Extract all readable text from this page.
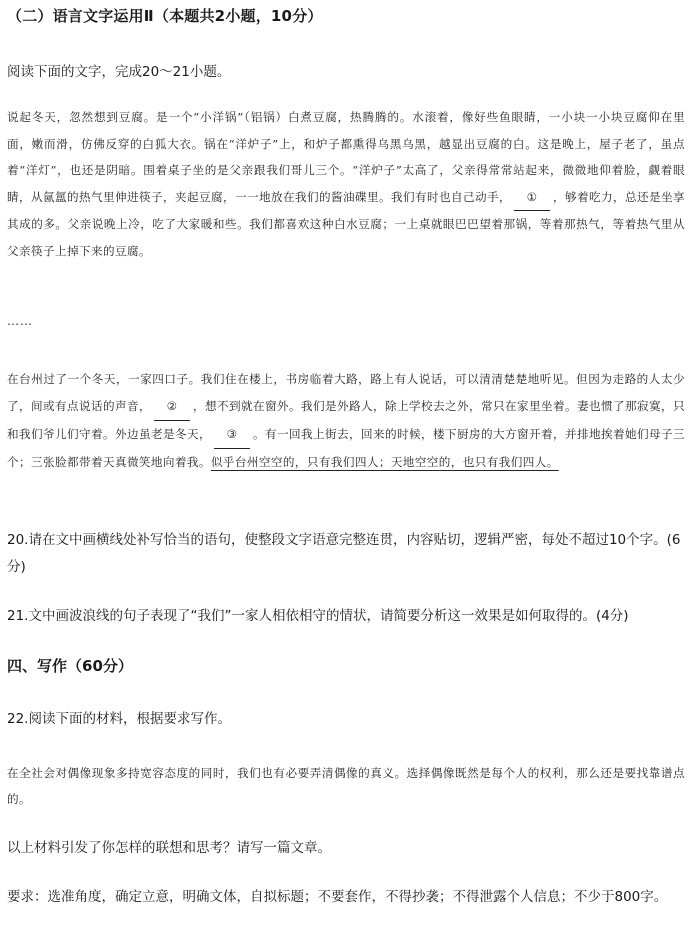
（二）语言文字运用Ⅱ（本题共2小题，10分）
阅读下面的文字，完成20～21小题。
说起冬天，忽然想到豆腐。是一个“小洋锅”（铝锅）白煮豆腐，热腾腾的。水滚着，像好些鱼眼睛，一小块一小块豆腐仰在里面，嫩而滑，仿佛反穿的白狐大衣。锅在“洋炉子”上，和炉子都熏得乌黑乌黑，越显出豆腐的白。这是晚上，屋子老了，虽点着“洋灯”，也还是阴暗。围着桌子坐的是父亲跟我们哥儿三个。“洋炉子”太高了，父亲得常常站起来，微微地仰着脸，觑着眼睛，从氤氲的热气里伸进筷子，夹起豆腐，一一地放在我们的酱油碟里。我们有时也自己动手， ① ，够着吃力，总还是坐享其成的多。父亲说晚上冷，吃了大家暖和些。我们都喜欢这种白水豆腐；一上桌就眼巴巴望着那锅，等着那热气，等着热气里从父亲筷子上掉下来的豆腐。
……
在台州过了一个冬天，一家四口子。我们住在楼上，书房临着大路，路上有人说话，可以清清楚楚地听见。但因为走路的人太少了，间或有点说话的声音， ② ，想不到就在窗外。我们是外路人，除上学校去之外，常只在家里坐着。妻也惯了那寂寞，只和我们爷儿们守着。外边虽老是冬天， ③ 。有一回我上街去，回来的时候，楼下厨房的大方窗开着，并排地挨着她们母子三个；三张脸都带着天真微笑地向着我。似乎台州空空的，只有我们四人；天地空空的，也只有我们四人。
20.请在文中画横线处补写恰当的语句，使整段文字语意完整连贯，内容贴切，逻辑严密，每处不超过10个字。(6分)
21.文中画波浪线的句子表现了“我们”一家人相依相守的情状，请简要分析这一效果是如何取得的。(4分)
四、写作（60分）
22.阅读下面的材料，根据要求写作。
在全社会对偶像现象多持宽容态度的同时，我们也有必要弄清偶像的真义。选择偶像既然是每个人的权利，那么还是要找靠谱点的。
以上材料引发了你怎样的联想和思考？请写一篇文章。
要求：选准角度，确定立意，明确文体，自拟标题；不要套作，不得抄袭；不得泄露个人信息；不少于800字。
